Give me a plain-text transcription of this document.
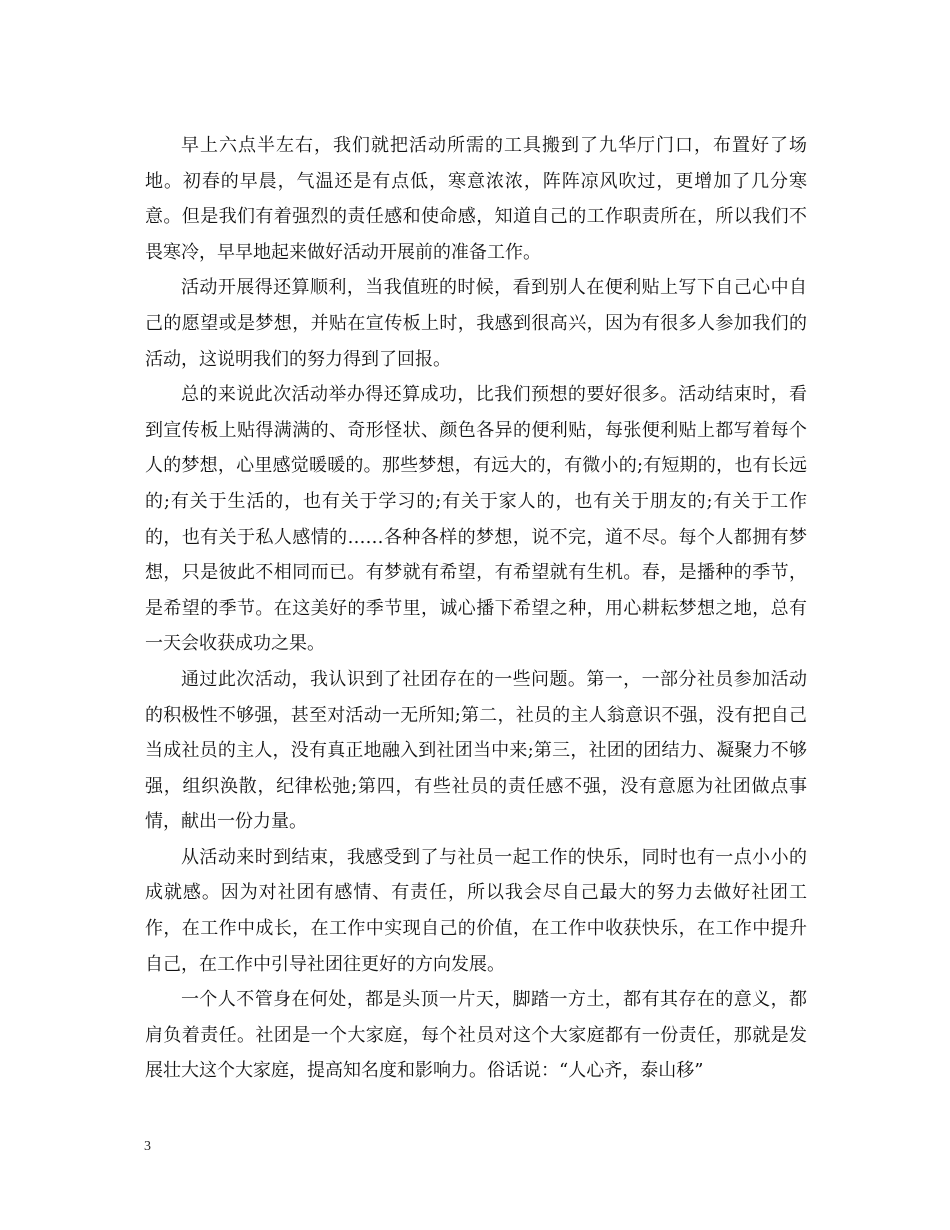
早上六点半左右，我们就把活动所需的工具搬到了九华厅门口，布置好了场地。初春的早晨，气温还是有点低，寒意浓浓，阵阵凉风吹过，更增加了几分寒意。但是我们有着强烈的责任感和使命感，知道自己的工作职责所在，所以我们不畏寒冷，早早地起来做好活动开展前的准备工作。

活动开展得还算顺利，当我值班的时候，看到别人在便利贴上写下自己心中自己的愿望或是梦想，并贴在宣传板上时，我感到很高兴，因为有很多人参加我们的活动，这说明我们的努力得到了回报。

总的来说此次活动举办得还算成功，比我们预想的要好很多。活动结束时，看到宣传板上贴得满满的、奇形怪状、颜色各异的便利贴，每张便利贴上都写着每个人的梦想，心里感觉暖暖的。那些梦想，有远大的，有微小的;有短期的，也有长远的;有关于生活的，也有关于学习的;有关于家人的，也有关于朋友的;有关于工作的，也有关于私人感情的……各种各样的梦想，说不完，道不尽。每个人都拥有梦想，只是彼此不相同而已。有梦就有希望，有希望就有生机。春，是播种的季节，是希望的季节。在这美好的季节里，诚心播下希望之种，用心耕耘梦想之地，总有一天会收获成功之果。

通过此次活动，我认识到了社团存在的一些问题。第一，一部分社员参加活动的积极性不够强，甚至对活动一无所知;第二，社员的主人翁意识不强，没有把自己当成社员的主人，没有真正地融入到社团当中来;第三，社团的团结力、凝聚力不够强，组织涣散，纪律松弛;第四，有些社员的责任感不强，没有意愿为社团做点事情，献出一份力量。

从活动来时到结束，我感受到了与社员一起工作的快乐，同时也有一点小小的成就感。因为对社团有感情、有责任，所以我会尽自己最大的努力去做好社团工作，在工作中成长，在工作中实现自己的价值，在工作中收获快乐，在工作中提升自己，在工作中引导社团往更好的方向发展。

一个人不管身在何处，都是头顶一片天，脚踏一方土，都有其存在的意义，都肩负着责任。社团是一个大家庭，每个社员对这个大家庭都有一份责任，那就是发展壮大这个大家庭，提高知名度和影响力。俗话说：“人心齐，泰山移”

3
